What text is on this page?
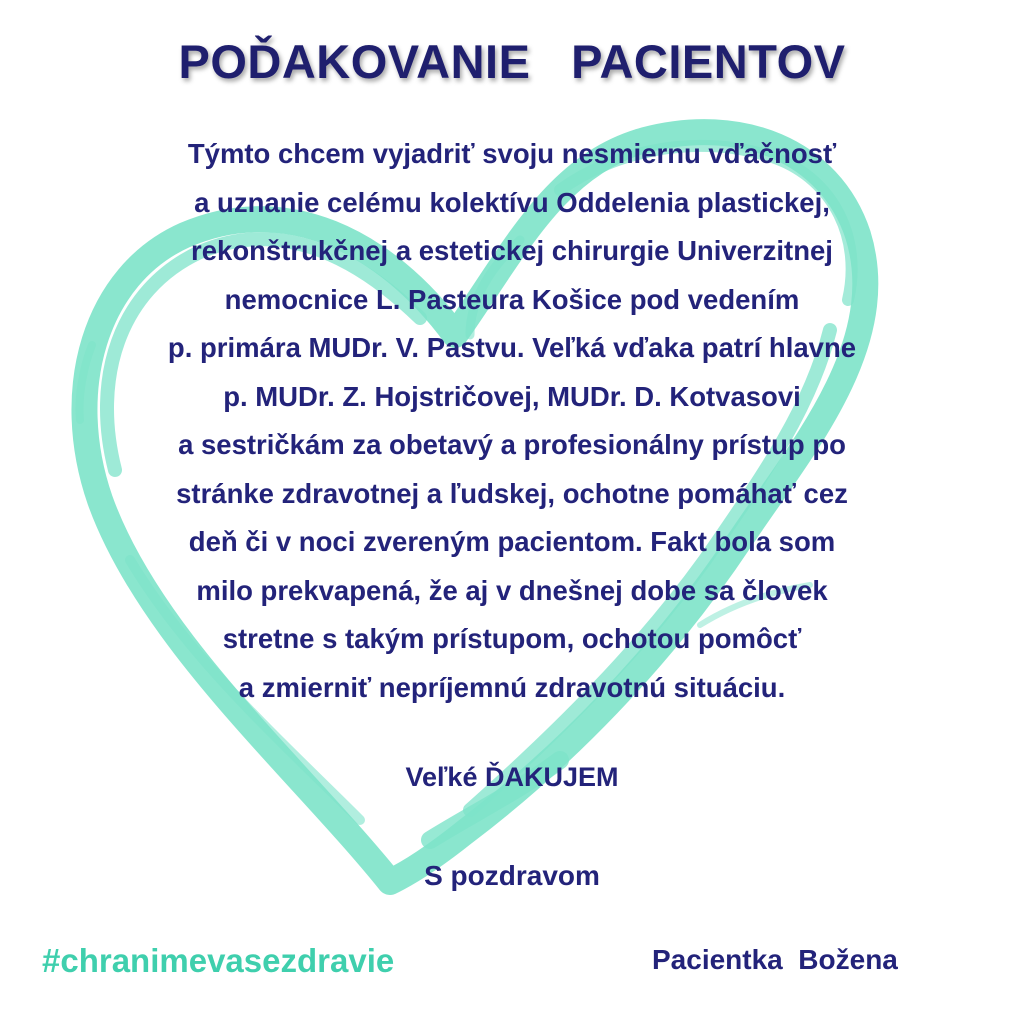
POĎAKOVANIE   PACIENTOV
Týmto chcem vyjadriť svoju nesmiernu vďačnosť
a uznanie celému kolektívu Oddelenia plastickej,
rekonštrukčnej a estetickej chirurgie Univerzitnej
nemocnice L. Pasteura Košice pod vedením
p. primára MUDr. V. Pastvu. Veľká vďaka patrí hlavne
p. MUDr. Z. Hojstričovej, MUDr. D. Kotvasovi
a sestričkám za obetavý a profesionálny prístup po
stránke zdravotnej a ľudskej, ochotne pomáhať cez
deň či v noci zvereným pacientom. Fakt bola som
milo prekvapená, že aj v dnešnej dobe sa človek
stretne s takým prístupom, ochotou pomôcť
a zmierniť nepríjemnú zdravotnú situáciu.
Veľké ĎAKUJEM
S pozdravom
#chranimevasezdravie	Pacientka  Božena
